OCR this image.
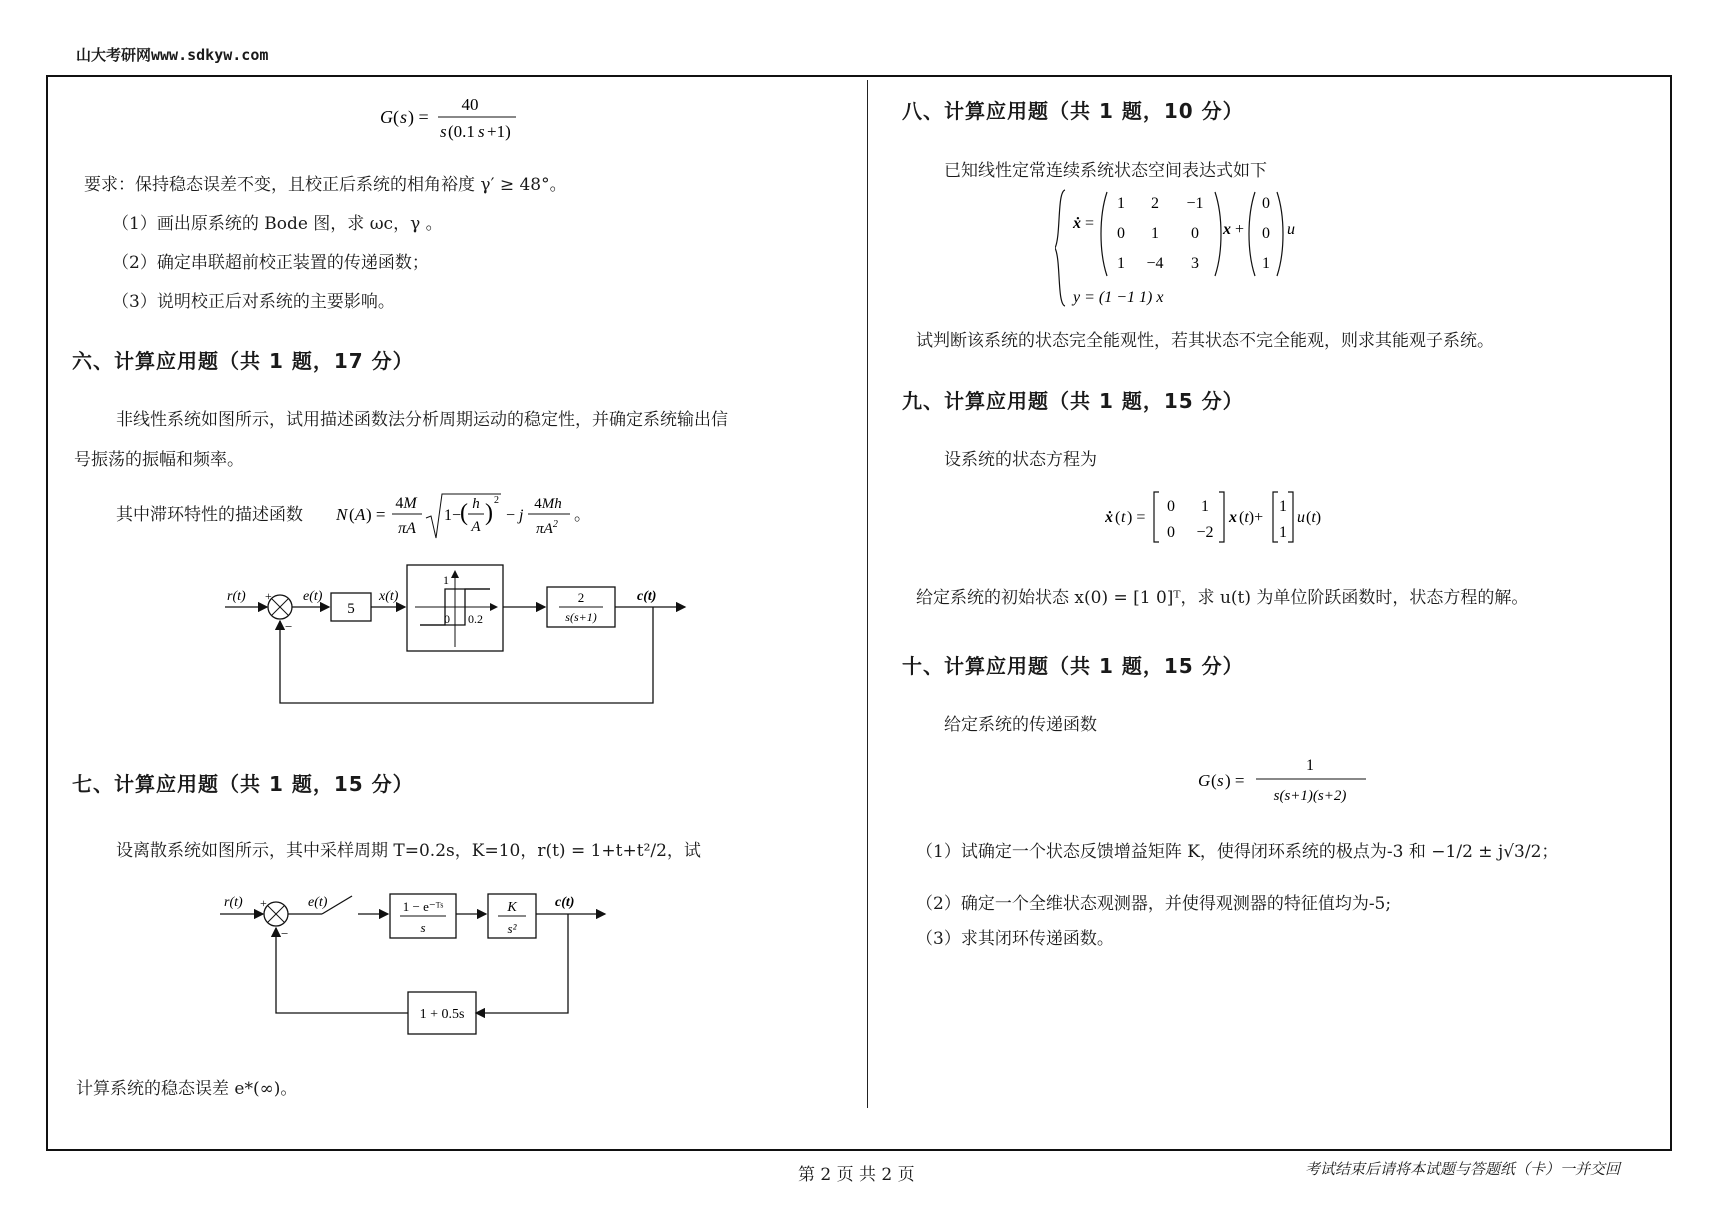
山大考研网www.sdkyw.com
G ( s ) =
40
s (0.1 s +1)
要求：保持稳态误差不变，且校正后系统的相角裕度 γ′ ≥ 48°。
（1）画出原系统的 Bode 图，求 ωc，γ 。
（2）确定串联超前校正装置的传递函数；
（3）说明校正后对系统的主要影响。
六、计算应用题（共 1 题，17 分）
非线性系统如图所示，试用描述函数法分析周期运动的稳定性，并确定系统输出信
号振荡的振幅和频率。
其中滞环特性的描述函数 N ( A ) =
4M
πA
1−
( h
A
) 2
− j
4Mh
$\pi A^2$ 。
r(t) +
−
e(t)
5
x(t)
1
0 0.2
2
s(s+1)
c(t)
七、计算应用题（共 1 题，15 分）
设离散系统如图所示，其中采样周期 T=0.2s，K=10，r(t) = 1+t+t²/2，试
r(t) +
−
e(t)	1 − e⁻ᵀˢ
s
K
s²
c(t)
1 + 0.5s
计算系统的稳态误差 e*(∞)。
八、计算应用题（共 1 题，10 分）
已知线性定常连续系统状态空间表达式如下
ẋ =
1 2 −1
0 1 0
1 −4 3
x +
0
0
1
u
y = (1 −1 1) x
试判断该系统的状态完全能观性，若其状态不完全能观，则求其能观子系统。
九、计算应用题（共 1 题，15 分）
设系统的状态方程为
ẋ ( t ) =
0 1
0 −2
x (t)+
1
1
u (t)
给定系统的初始状态 x(0) = [1 0]ᵀ，求 u(t) 为单位阶跃函数时，状态方程的解。
十、计算应用题（共 1 题，15 分）
给定系统的传递函数
G ( s ) =
1
s(s+1)(s+2)
（1）试确定一个状态反馈增益矩阵 K，使得闭环系统的极点为-3 和 −1/2 ± j√3/2；
（2）确定一个全维状态观测器，并使得观测器的特征值均为-5;
（3）求其闭环传递函数。
第 2 页 共 2 页	考试结束后请将本试题与答题纸（卡）一并交回
